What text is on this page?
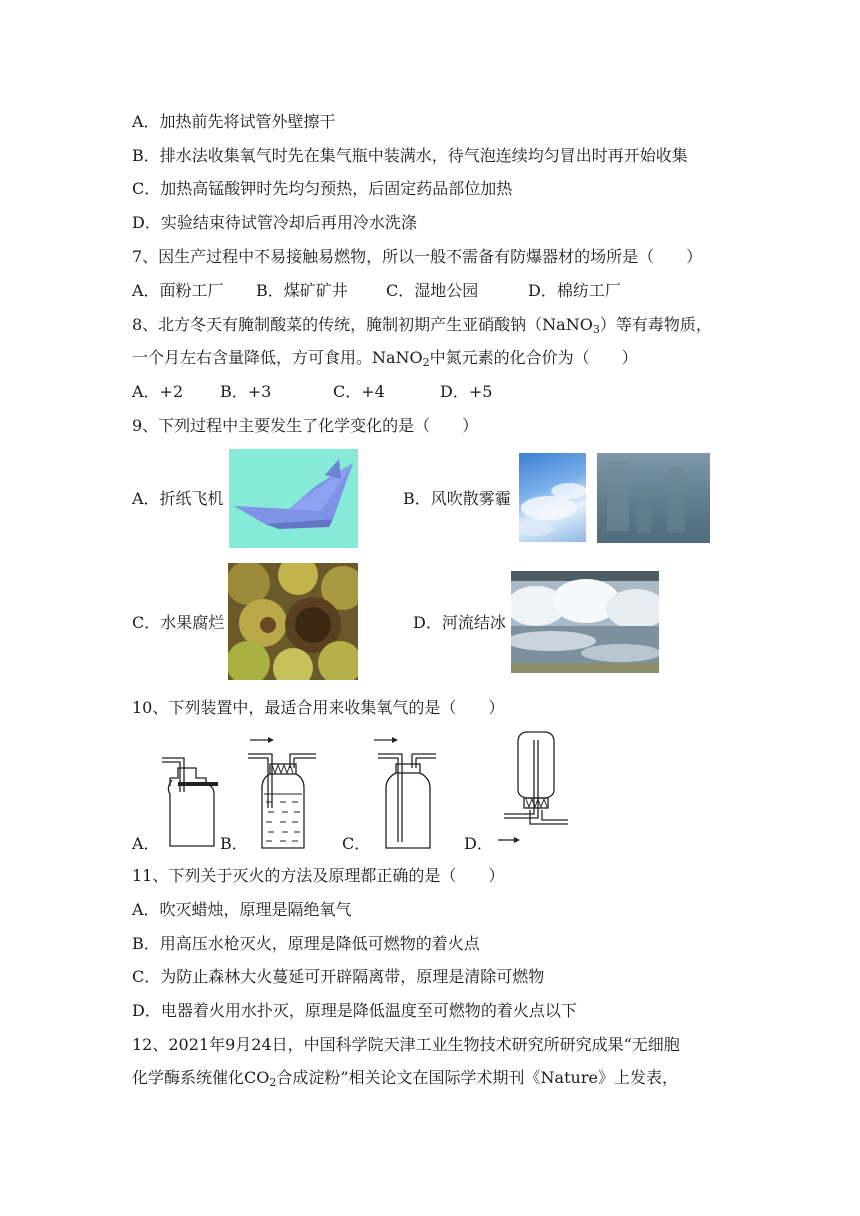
A．加热前先将试管外壁擦干
B．排水法收集氧气时先在集气瓶中装满水，待气泡连续均匀冒出时再开始收集
C．加热高锰酸钾时先均匀预热，后固定药品部位加热
D．实验结束待试管冷却后再用冷水洗涤
7、因生产过程中不易接触易燃物，所以一般不需备有防爆器材的场所是（　　）
A．面粉工厂 B．煤矿矿井 C．湿地公园	D．棉纺工厂
8、北方冬天有腌制酸菜的传统，腌制初期产生亚硝酸钠（NaNO$_3$）等有毒物质，
一个月左右含量降低，方可食用。NaNO$_2$中氮元素的化合价为（　　）
A．+2 B．+3	C．+4	D．+5
9、下列过程中主要发生了化学变化的是（　　）
A．折纸飞机	B．风吹散雾霾
C．水果腐烂	D．河流结冰
10、下列装置中，最适合用来收集氧气的是（　　）
A．	B．	C．	D．
11、下列关于灭火的方法及原理都正确的是（　　）
A．吹灭蜡烛，原理是隔绝氧气
B．用高压水枪灭火，原理是降低可燃物的着火点
C．为防止森林大火蔓延可开辟隔离带，原理是清除可燃物
D．电器着火用水扑灭，原理是降低温度至可燃物的着火点以下
12、2021年9月24日，中国科学院天津工业生物技术研究所研究成果“无细胞
化学酶系统催化$CO_2$合成淀粉”相关论文在国际学术期刊《Nature》上发表，
